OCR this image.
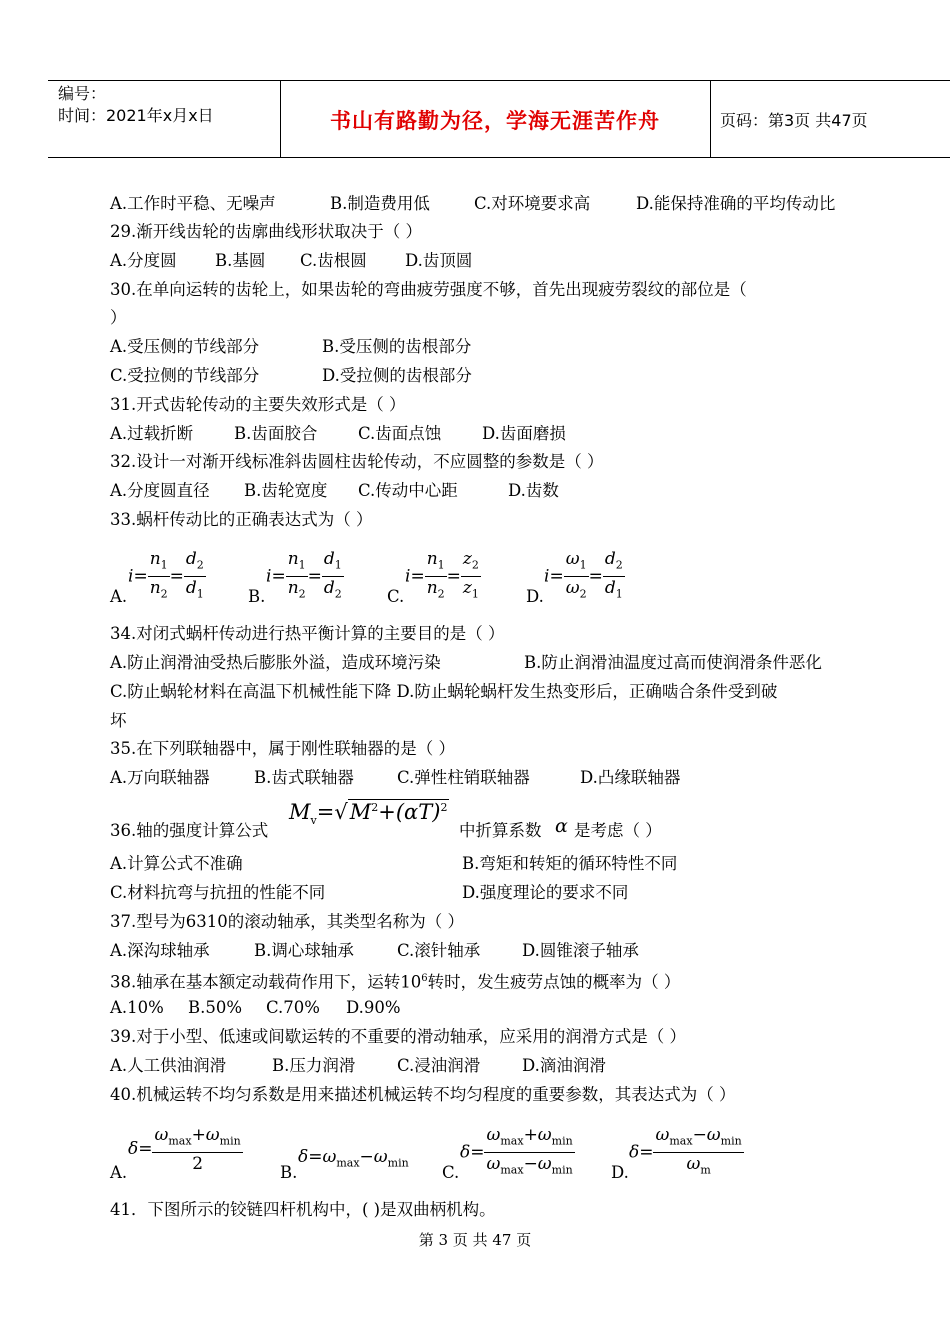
编号：
时间：2021年x月x日	书山有路勤为径，学海无涯苦作舟	页码：第3页 共47页
A.工作时平稳、无噪声	B.制造费用低	C.对环境要求高	D.能保持准确的平均传动比
29.渐开线齿轮的齿廓曲线形状取决于（ ）
A.分度圆 B.基圆 C.齿根圆 D.齿顶圆
30.在单向运转的齿轮上，如果齿轮的弯曲疲劳强度不够，首先出现疲劳裂纹的部位是（
）
A.受压侧的节线部分	B.受压侧的齿根部分
C.受拉侧的节线部分	D.受拉侧的齿根部分
31.开式齿轮传动的主要失效形式是（ ）
A.过载折断 B.齿面胶合 C.齿面点蚀 D.齿面磨损
32.设计一对渐开线标准斜齿圆柱齿轮传动，不应圆整的参数是（ ）
A.分度圆直径 B.齿轮宽度 C.传动中心距	D.齿数
33.蜗杆传动比的正确表达式为（ ）
A.
$i= \frac{n_1}{n_2} = \frac{d_2}{d_1}$	B.
$i= \frac{n_1}{n_2} = \frac{d_1}{d_2}$	C.
$i= \frac{n_1}{n_2} = \frac{z_2}{z_1}$	D.
$i= \frac{\omega_1}{\omega_2} = \frac{d_2}{d_1}$
34.对闭式蜗杆传动进行热平衡计算的主要目的是（ ）
A.防止润滑油受热后膨胀外溢，造成环境污染	B.防止润滑油温度过高而使润滑条件恶化
C.防止蜗轮材料在高温下机械性能下降 D.防止蜗轮蜗杆发生热变形后，正确啮合条件受到破
坏
35.在下列联轴器中，属于刚性联轴器的是（ ）
A.万向联轴器	B.齿式联轴器	C.弹性柱销联轴器	D.凸缘联轴器
36.轴的强度计算公式
$M_v=√M^2+(\alpha T)^2$
中折算系数 α 是考虑（ ）
A.计算公式不准确	B.弯矩和转矩的循环特性不同
C.材料抗弯与抗扭的性能不同	D.强度理论的要求不同
37.型号为6310的滚动轴承，其类型名称为（ ）
A.深沟球轴承	B.调心球轴承	C.滚针轴承	D.圆锥滚子轴承
38.轴承在基本额定动载荷作用下，运转$10^6$转时，发生疲劳点蚀的概率为（ ）
A.10% B.50% C.70% D.90%
39.对于小型、低速或间歇运转的不重要的滑动轴承，应采用的润滑方式是（ ）
A.人工供油润滑	B.压力润滑	C.浸油润滑	D.滴油润滑
40.机械运转不均匀系数是用来描述机械运转不均匀程度的重要参数，其表达式为（ ）
A.
$\delta= \frac{\omega_{max}+\omega_{min}}{2} B$.
$\delta=\omega_{max}-\omega_{min}$
C.
$\delta= \frac{\omega_{max}+\omega_{min}}{\omega_{max}-\omega_{min}} D$.
$\delta= \frac{\omega_{max}-\omega_{min}}{\omega_m}$
41．下图所示的铰链四杆机构中，( )是双曲柄机构。
第 3 页 共 47 页
